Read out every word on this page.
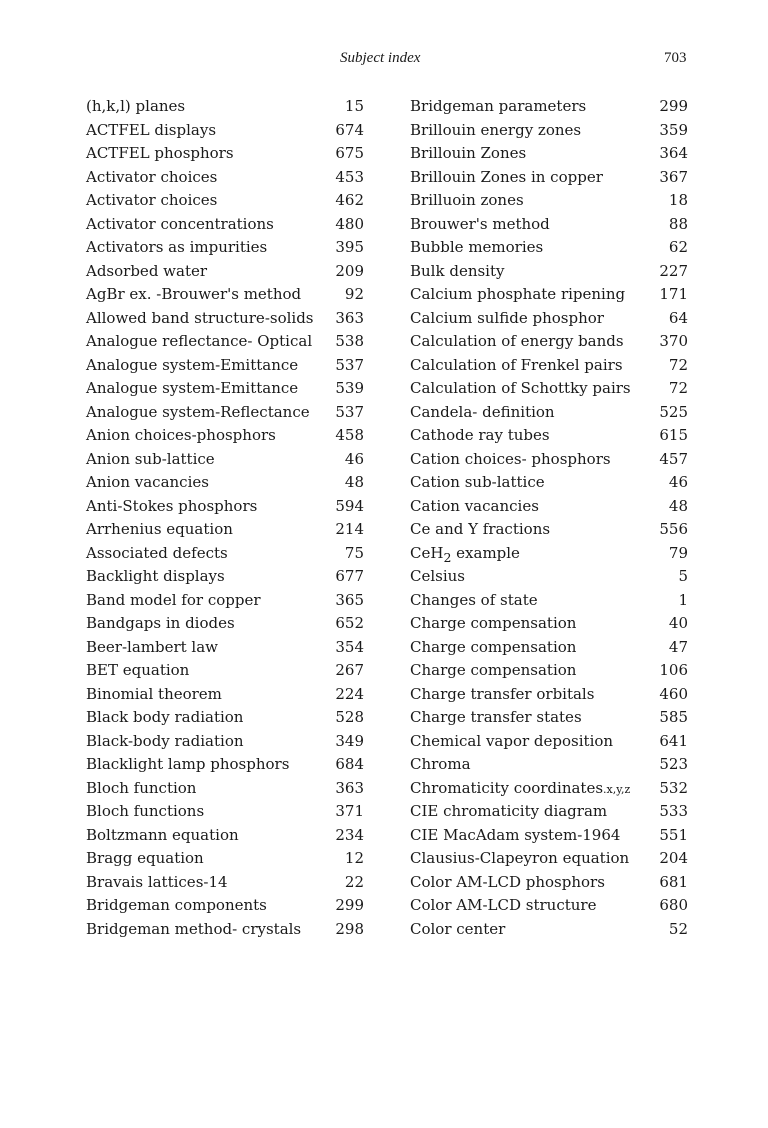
Subject index	703
(h,k,l) planes	15
ACTFEL displays	674
ACTFEL phosphors	675
Activator choices	453
Activator choices	462
Activator concentrations	480
Activators as impurities	395
Adsorbed water	209
AgBr ex. -Brouwer's method	92
Allowed band structure-solids 363
Analogue reflectance- Optical 538
Analogue system-Emittance 537
Analogue system-Emittance 539
Analogue system-Reflectance 537
Anion choices-phosphors	458
Anion sub-lattice	46
Anion vacancies	48
Anti-Stokes phosphors	594
Arrhenius equation	214
Associated defects	75
Backlight displays	677
Band model for copper	365
Bandgaps in diodes	652
Beer-lambert law	354
BET equation	267
Binomial theorem	224
Black body radiation	528
Black-body radiation	349
Blacklight lamp phosphors	684
Bloch function	363
Bloch functions	371
Boltzmann equation	234
Bragg equation	12
Bravais lattices-14	22
Bridgeman components	299
Bridgeman method- crystals 298
Bridgeman parameters	299
Brillouin energy zones	359
Brillouin Zones	364
Brillouin Zones in copper	367
Brilluoin zones	18
Brouwer's method	88
Bubble memories	62
Bulk density	227
Calcium phosphate ripening 171
Calcium sulfide phosphor	64
Calculation of energy bands 370
Calculation of Frenkel pairs	72
Calculation of Schottky pairs	72
Candela- definition	525
Cathode ray tubes	615
Cation choices- phosphors	457
Cation sub-lattice	46
Cation vacancies	48
Ce and Y fractions	556
CeH$_2$ example	79
Celsius	5
Changes of state	1
Charge compensation	40
Charge compensation	47
Charge compensation	106
Charge transfer orbitals	460
Charge transfer states	585
Chemical vapor deposition	641
Chroma	523
Chromaticity coordinates.x,y,z 532
CIE chromaticity diagram	533
CIE MacAdam system-1964	551
Clausius-Clapeyron equation 204
Color AM-LCD phosphors	681
Color AM-LCD structure	680
Color center	52
